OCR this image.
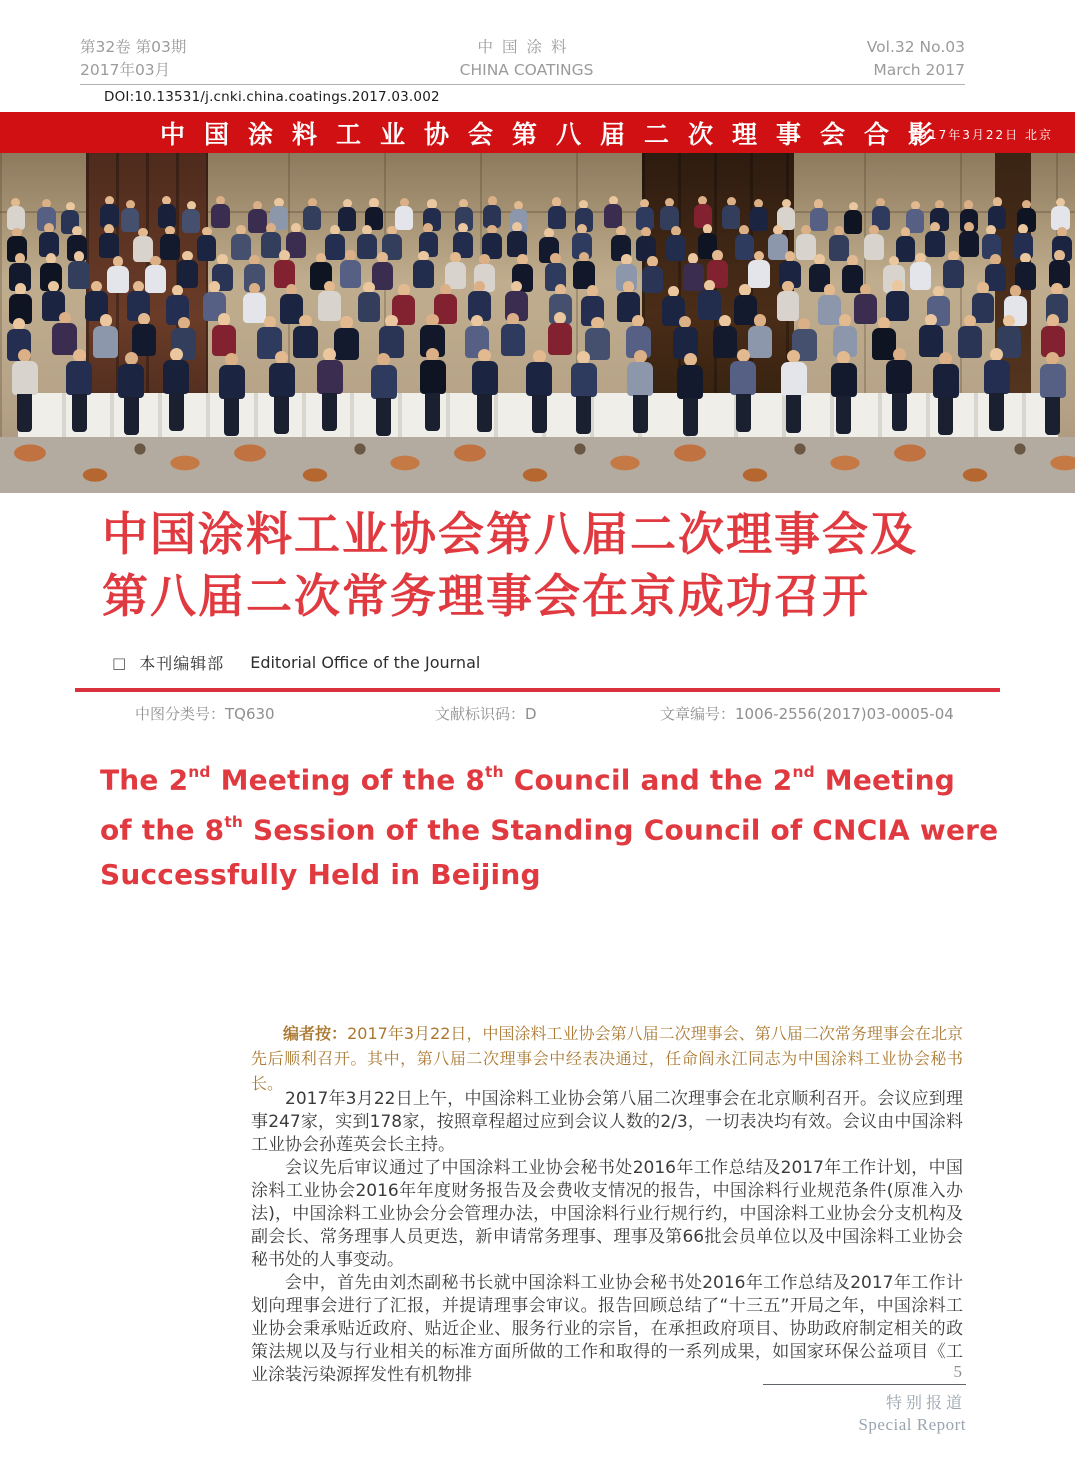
第32卷 第03期
2017年03月
中国涂料
CHINA COATINGS
Vol.32 No.03
March 2017
DOI:10.13531/j.cnki.china.coatings.2017.03.002
中国涂料工业协会第八届二次理事会合影
2017年3月22日 北京
中国涂料工业协会第八届二次理事会及
第八届二次常务理事会在京成功召开
□ 本刊编辑部 Editorial Office of the Journal
中图分类号：TQ630	文献标识码：D	文章编号：1006-2556(2017)03-0005-04
The 2nd Meeting of the 8th Council and the 2nd Meeting
of the 8th Session of the Standing Council of CNCIA were
Successfully Held in Beijing
编者按：2017年3月22日，中国涂料工业协会第八届二次理事会、第八届二次常务理事会在北京先后顺利召开。其中，第八届二次理事会中经表决通过，任命阎永江同志为中国涂料工业协会秘书长。

2017年3月22日上午，中国涂料工业协会第八届二次理事会在北京顺利召开。会议应到理事247家，实到178家，按照章程超过应到会议人数的2/3，一切表决均有效。会议由中国涂料工业协会孙莲英会长主持。

会议先后审议通过了中国涂料工业协会秘书处2016年工作总结及2017年工作计划，中国涂料工业协会2016年年度财务报告及会费收支情况的报告，中国涂料行业规范条件(原准入办法)，中国涂料工业协会分会管理办法，中国涂料行业行规行约，中国涂料工业协会分支机构及副会长、常务理事人员更迭，新申请常务理事、理事及第66批会员单位以及中国涂料工业协会秘书处的人事变动。

会中，首先由刘杰副秘书长就中国涂料工业协会秘书处2016年工作总结及2017年工作计划向理事会进行了汇报，并提请理事会审议。报告回顾总结了“十三五”开局之年，中国涂料工业协会秉承贴近政府、贴近企业、服务行业的宗旨，在承担政府项目、协助政府制定相关的政策法规以及与行业相关的标准方面所做的工作和取得的一系列成果，如国家环保公益项目《工业涂装污染源挥发性有机物排	5
特别报道
Special Report
